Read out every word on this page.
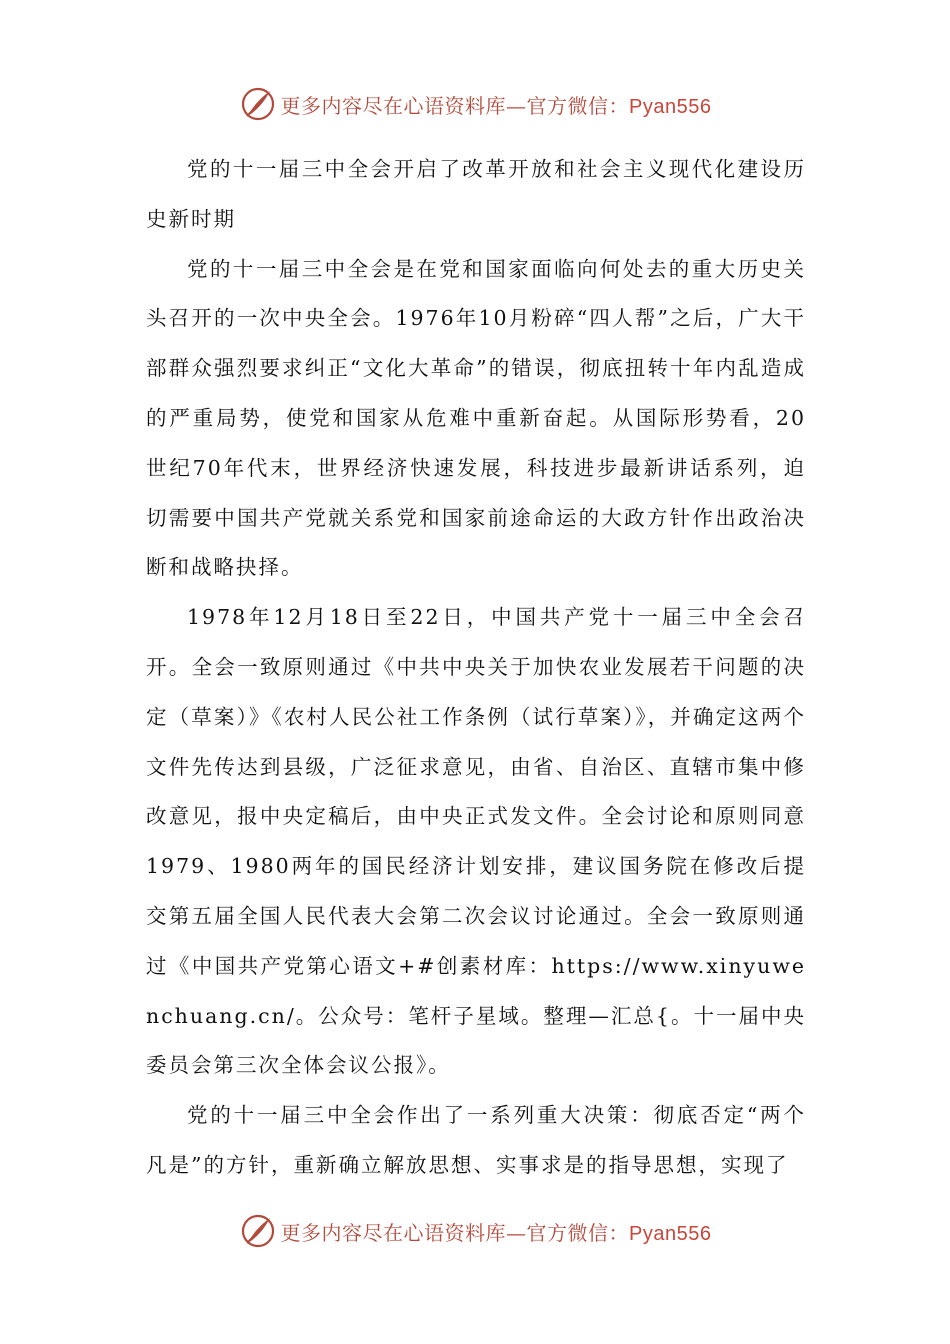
更多内容尽在心语资料库—官方微信：Pyan556

党的十一届三中全会开启了改革开放和社会主义现代化建设历史新时期

党的十一届三中全会是在党和国家面临向何处去的重大历史关头召开的一次中央全会。1976年10月粉碎“四人帮”之后，广大干部群众强烈要求纠正“文化大革命”的错误，彻底扭转十年内乱造成的严重局势，使党和国家从危难中重新奋起。从国际形势看，20世纪70年代末，世界经济快速发展，科技进步最新讲话系列，迫切需要中国共产党就关系党和国家前途命运的大政方针作出政治决断和战略抉择。

1978年12月18日至22日，中国共产党十一届三中全会召开。全会一致原则通过《中共中央关于加快农业发展若干问题的决定（草案）》《农村人民公社工作条例（试行草案）》，并确定这两个文件先传达到县级，广泛征求意见，由省、自治区、直辖市集中修改意见，报中央定稿后，由中央正式发文件。全会讨论和原则同意1979、1980两年的国民经济计划安排，建议国务院在修改后提交第五届全国人民代表大会第二次会议讨论通过。全会一致原则通过《中国共产党第心语文+#创素材库：https://www.xinyuwenchuang.cn/。公众号：笔杆子星域。整理—汇总{。十一届中央委员会第三次全体会议公报》。

党的十一届三中全会作出了一系列重大决策：彻底否定“两个凡是”的方针，重新确立解放思想、实事求是的指导思想，实现了

更多内容尽在心语资料库—官方微信：Pyan556
